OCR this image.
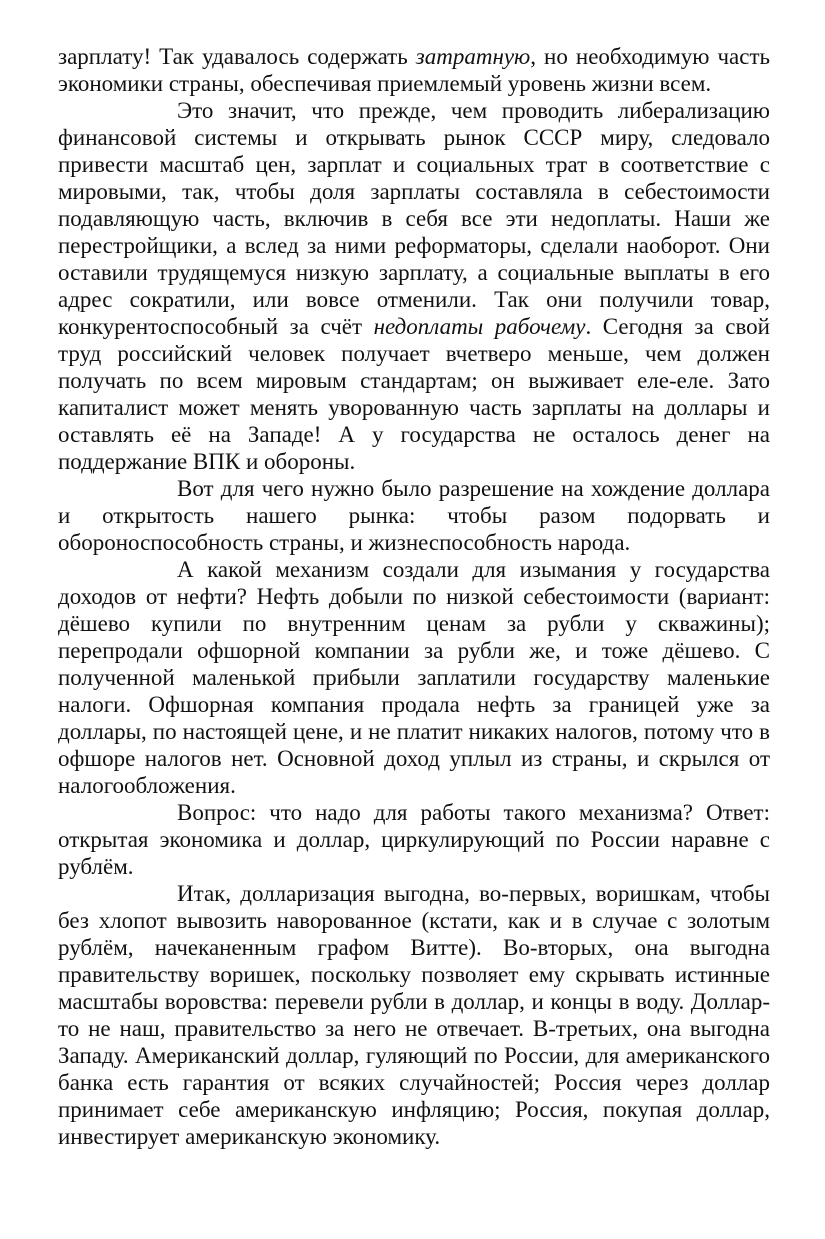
зарплату! Так удавалось содержать затратную, но необходимую часть экономики страны, обеспечивая приемлемый уровень жизни всем.

Это значит, что прежде, чем проводить либерализацию финансовой системы и открывать рынок СССР миру, следовало привести масштаб цен, зарплат и социальных трат в соответствие с мировыми, так, чтобы доля зарплаты составляла в себестоимости подавляющую часть, включив в себя все эти недоплаты. Наши же перестройщики, а вслед за ними реформаторы, сделали наоборот. Они оставили трудящемуся низкую зарплату, а социальные выплаты в его адрес сократили, или вовсе отменили. Так они получили товар, конкурентоспособный за счёт недоплаты рабочему. Сегодня за свой труд российский человек получает вчетверо меньше, чем должен получать по всем мировым стандартам; он выживает еле-еле. Зато капиталист может менять уворованную часть зарплаты на доллары и оставлять её на Западе! А у государства не осталось денег на поддержание ВПК и обороны.

Вот для чего нужно было разрешение на хождение доллара и открытость нашего рынка: чтобы разом подорвать и обороноспособность страны, и жизнеспособность народа.

А какой механизм создали для изымания у государства доходов от нефти? Нефть добыли по низкой себестоимости (вариант: дёшево купили по внутренним ценам за рубли у скважины); перепродали офшорной компании за рубли же, и тоже дёшево. С полученной маленькой прибыли заплатили государству маленькие налоги. Офшорная компания продала нефть за границей уже за доллары, по настоящей цене, и не платит никаких налогов, потому что в офшоре налогов нет. Основной доход уплыл из страны, и скрылся от налогообложения.

Вопрос: что надо для работы такого механизма? Ответ: открытая экономика и доллар, циркулирующий по России наравне с рублём.

Итак, долларизация выгодна, во-первых, воришкам, чтобы без хлопот вывозить наворованное (кстати, как и в случае с золотым рублём, начеканенным графом Витте). Во-вторых, она выгодна правительству воришек, поскольку позволяет ему скрывать истинные масштабы воровства: перевели рубли в доллар, и концы в воду. Доллар-то не наш, правительство за него не отвечает. В-третьих, она выгодна Западу. Американский доллар, гуляющий по России, для американского банка есть гарантия от всяких случайностей; Россия через доллар принимает себе американскую инфляцию; Россия, покупая доллар, инвестирует американскую экономику.
